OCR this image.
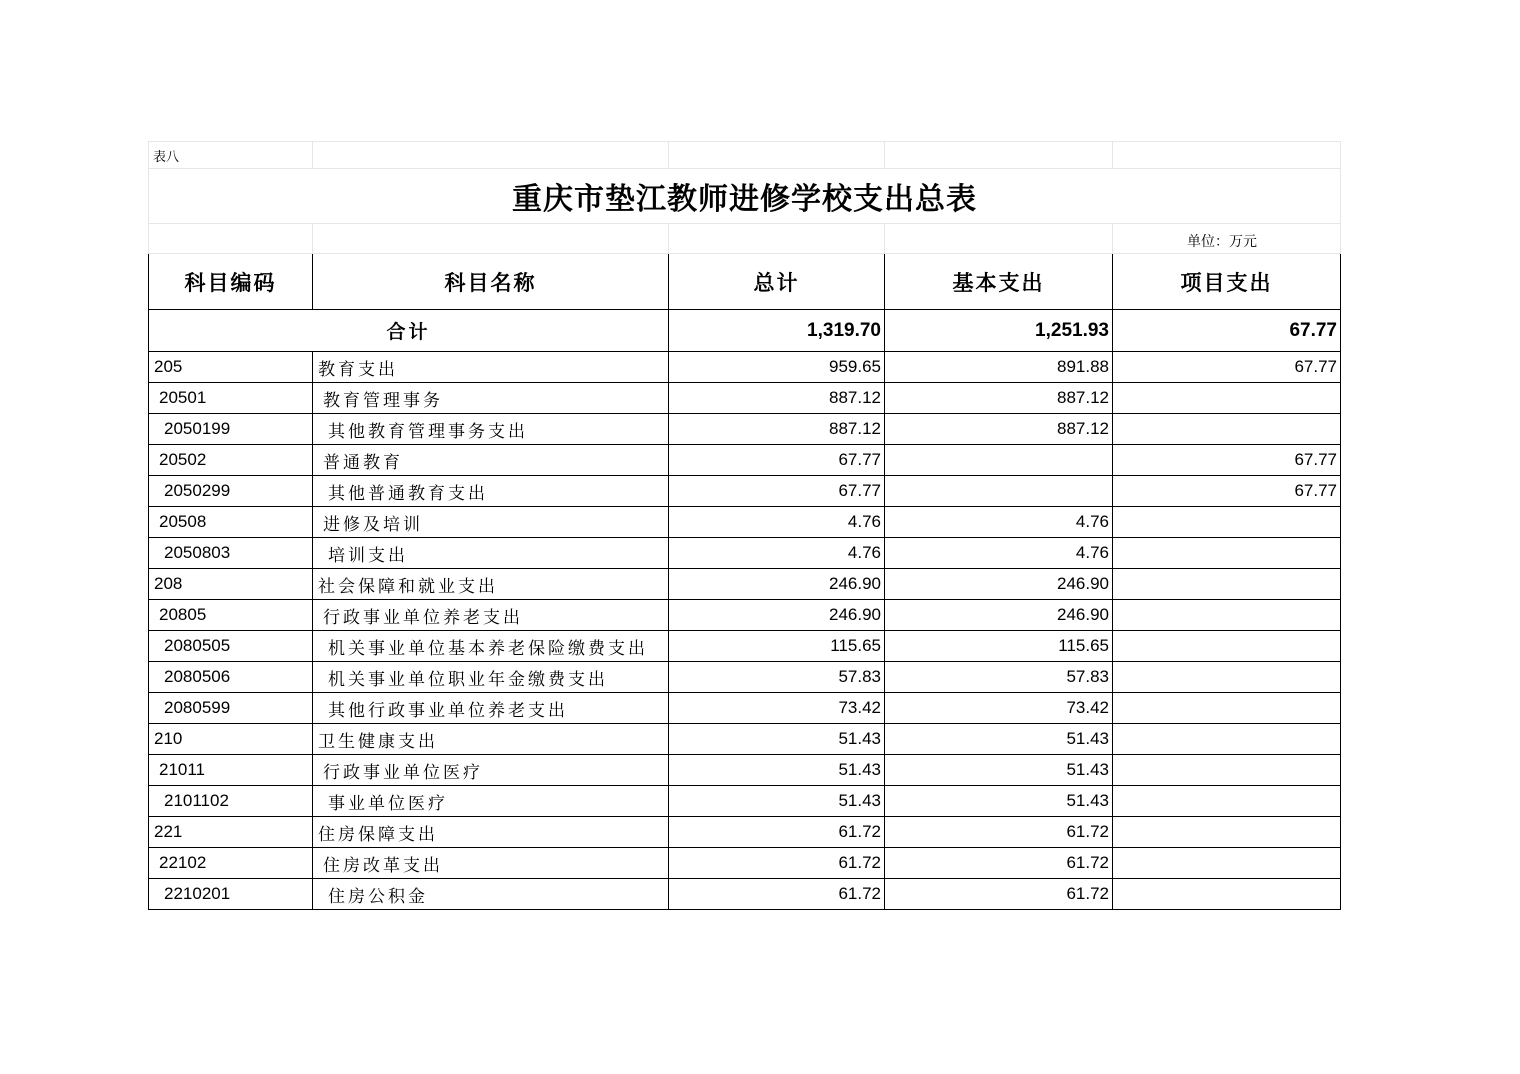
表八				
重庆市垫江教师进修学校支出总表				
				单位：万元
科目编码	科目名称	总计	基本支出	项目支出
合计		1,319.70	1,251.93	67.77
205	教育支出	959.65	891.88	67.77
20501	教育管理事务	887.12	887.12	
2050199	其他教育管理事务支出	887.12	887.12	
20502	普通教育	67.77		67.77
2050299	其他普通教育支出	67.77		67.77
20508	进修及培训	4.76	4.76	
2050803	培训支出	4.76	4.76	
208	社会保障和就业支出	246.90	246.90	
20805	行政事业单位养老支出	246.90	246.90	
2080505	机关事业单位基本养老保险缴费支出	115.65	115.65	
2080506	机关事业单位职业年金缴费支出	57.83	57.83	
2080599	其他行政事业单位养老支出	73.42	73.42	
210	卫生健康支出	51.43	51.43	
21011	行政事业单位医疗	51.43	51.43	
2101102	事业单位医疗	51.43	51.43	
221	住房保障支出	61.72	61.72	
22102	住房改革支出	61.72	61.72	
2210201	住房公积金	61.72	61.72	
